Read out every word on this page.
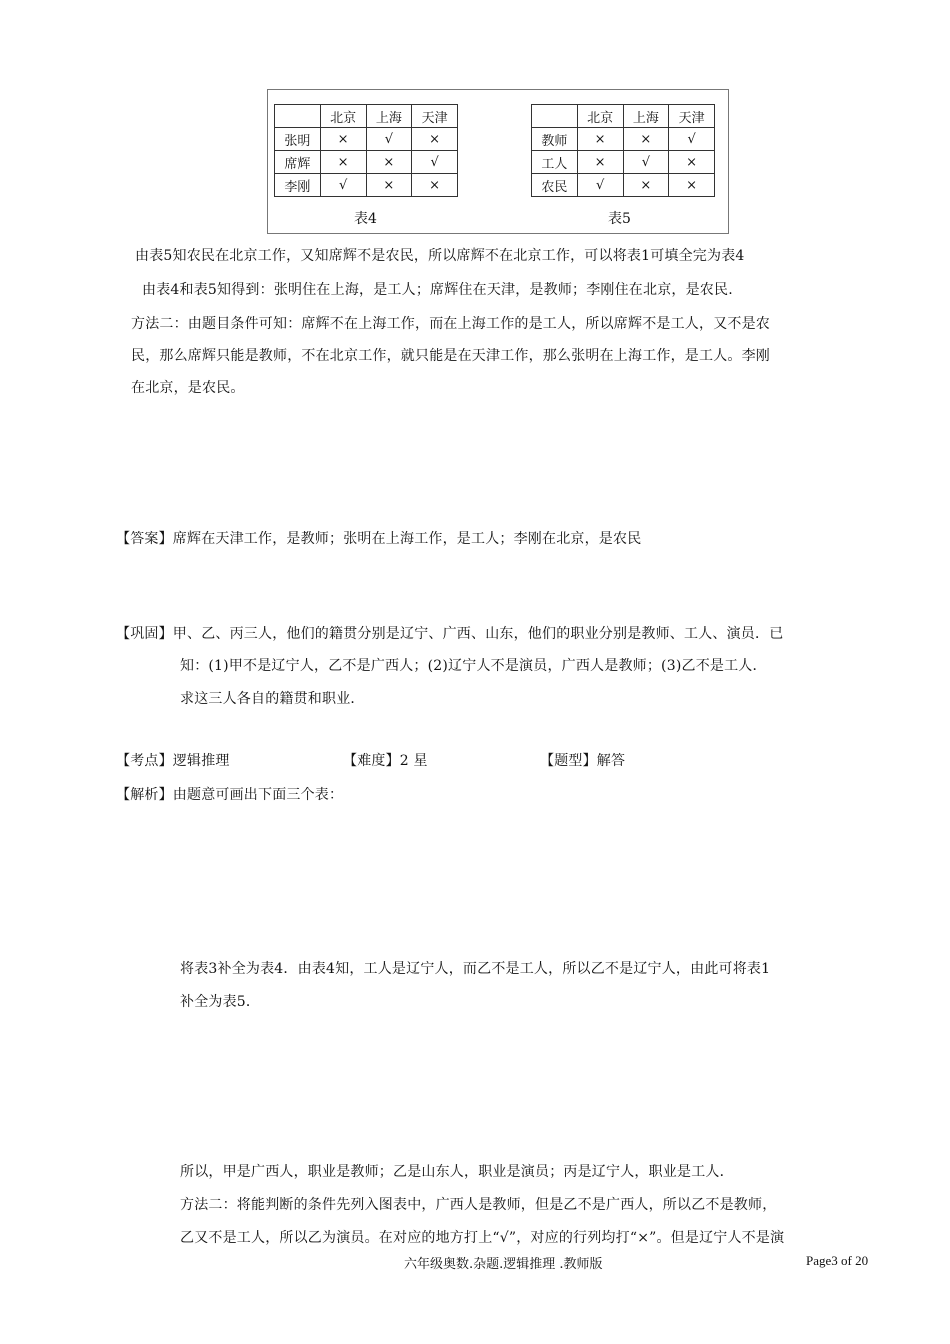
	北京	上海	天津
张明	×	√	×
席辉	×	×	√
李刚	√	×	×
表4
	北京	上海	天津
教师	×	×	√
工人	×	√	×
农民	√	×	×
表5
由表5知农民在北京工作，又知席辉不是农民，所以席辉不在北京工作，可以将表1可填全完为表4
由表4和表5知得到：张明住在上海，是工人；席辉住在天津，是教师；李刚住在北京，是农民.
方法二：由题目条件可知：席辉不在上海工作，而在上海工作的是工人，所以席辉不是工人，又不是农
民，那么席辉只能是教师，不在北京工作，就只能是在天津工作，那么张明在上海工作，是工人。李刚
在北京，是农民。
【答案】席辉在天津工作，是教师；张明在上海工作，是工人；李刚在北京，是农民
【巩固】甲、乙、丙三人，他们的籍贯分别是辽宁、广西、山东，他们的职业分别是教师、工人、演员．已
知：(1)甲不是辽宁人，乙不是广西人；(2)辽宁人不是演员，广西人是教师；(3)乙不是工人．
求这三人各自的籍贯和职业．
【考点】逻辑推理	【难度】2 星	【题型】解答
【解析】由题意可画出下面三个表：
将表3补全为表4．由表4知，工人是辽宁人，而乙不是工人，所以乙不是辽宁人，由此可将表1
补全为表5．
所以，甲是广西人，职业是教师；乙是山东人，职业是演员；丙是辽宁人，职业是工人．
方法二：将能判断的条件先列入图表中，广西人是教师，但是乙不是广西人，所以乙不是教师，
乙又不是工人，所以乙为演员。在对应的地方打上“√”，对应的行列均打“×”。但是辽宁人不是演
六年级奥数.杂题.逻辑推理 .教师版	Page3 of 20
